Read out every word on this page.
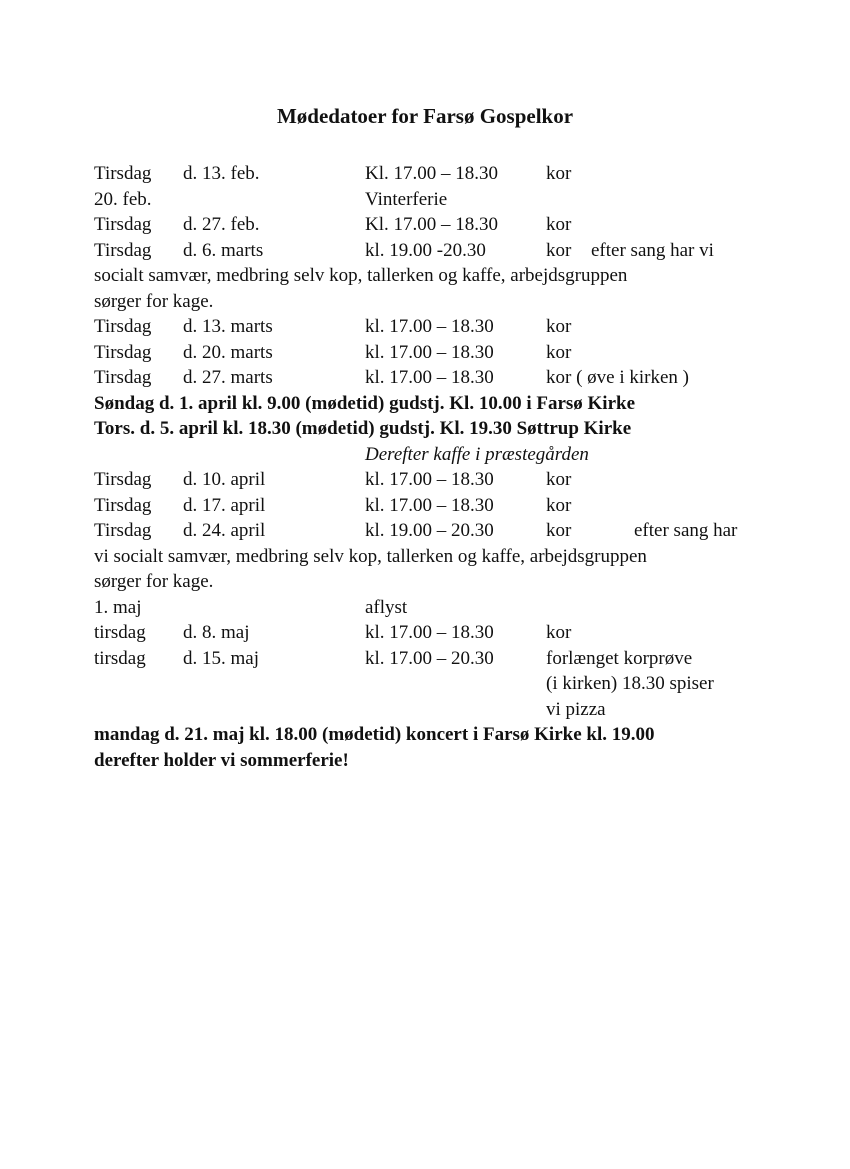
Mødedatoer for Farsø Gospelkor
Tirsdag d. 13. feb.	Kl. 17.00 – 18.30	kor
20. feb.	Vinterferie
Tirsdag d. 27. feb.	Kl. 17.00 – 18.30	kor
Tirsdag d. 6. marts	kl. 19.00 -20.30	kor efter sang har vi
socialt samvær, medbring selv kop, tallerken og kaffe, arbejdsgruppen
sørger for kage.
Tirsdag d. 13. marts	kl. 17.00 – 18.30	kor
Tirsdag d. 20. marts	kl. 17.00 – 18.30	kor
Tirsdag d. 27. marts	kl. 17.00 – 18.30	kor ( øve i kirken )
Søndag d. 1. april kl. 9.00 (mødetid) gudstj. Kl. 10.00 i Farsø Kirke
Tors. d. 5. april kl. 18.30 (mødetid) gudstj. Kl. 19.30 Søttrup Kirke
Derefter kaffe i præstegården
Tirsdag d. 10. april	kl. 17.00 – 18.30	kor
Tirsdag d. 17. april	kl. 17.00 – 18.30	kor
Tirsdag d. 24. april	kl. 19.00 – 20.30	kor	efter sang har
vi socialt samvær, medbring selv kop, tallerken og kaffe, arbejdsgruppen
sørger for kage.
1. maj	aflyst
tirsdag d. 8. maj	kl. 17.00 – 18.30	kor
tirsdag d. 15. maj	kl. 17.00 – 20.30	forlænget korprøve
(i kirken) 18.30 spiser
vi pizza
mandag d. 21. maj kl. 18.00 (mødetid) koncert i Farsø Kirke kl. 19.00
derefter holder vi sommerferie!
